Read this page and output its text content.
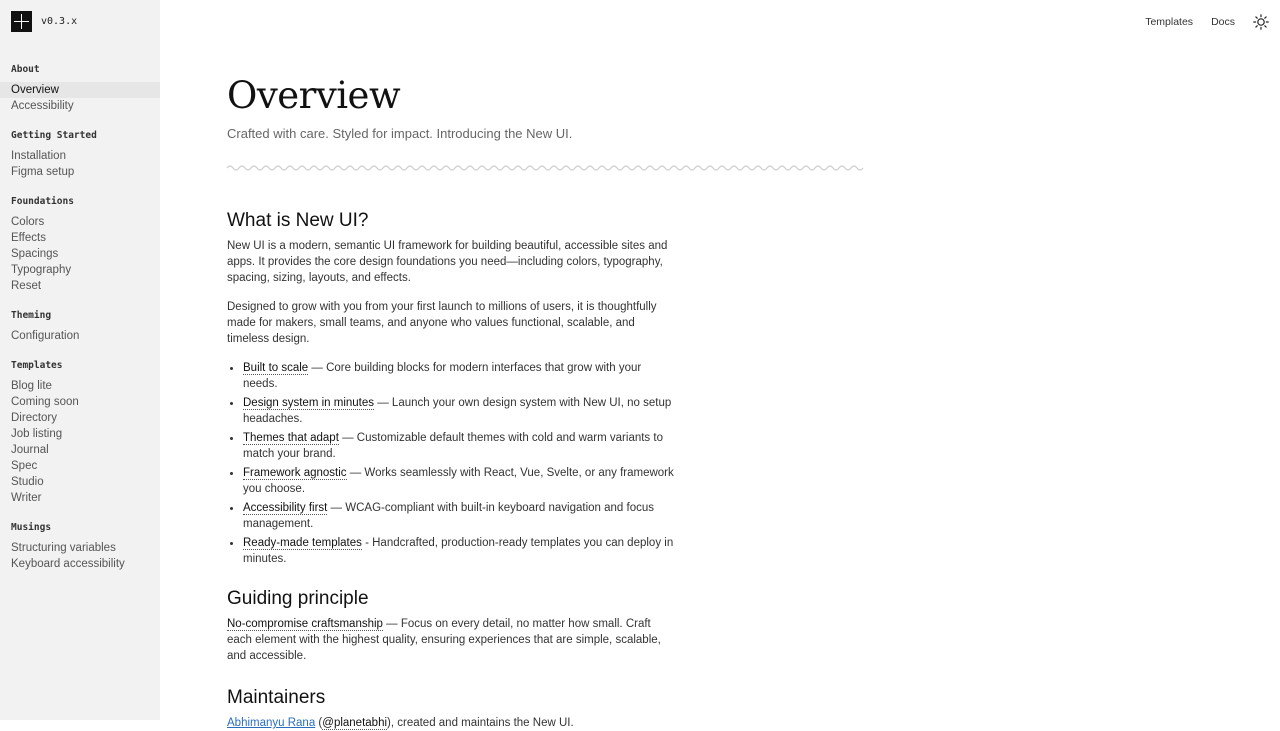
v0.3.x
About
Overview
Accessibility
Getting Started
Installation
Figma setup
Foundations
Colors
Effects
Spacings
Typography
Reset
Theming
Configuration
Templates
Blog lite
Coming soon
Directory
Job listing
Journal
Spec
Studio
Writer
Musings
Structuring variables
Keyboard accessibility
Templates Docs
Overview

Crafted with care. Styled for impact. Introducing the New UI.

What is New UI?

New UI is a modern, semantic UI framework for building beautiful, accessible sites and apps. It provides the core design foundations you need—including colors, typography, spacing, sizing, layouts, and effects.

Designed to grow with you from your first launch to millions of users, it is thoughtfully made for makers, small teams, and anyone who values functional, scalable, and timeless design.

Built to scale — Core building blocks for modern interfaces that grow with your needs.
Design system in minutes — Launch your own design system with New UI, no setup headaches.
Themes that adapt — Customizable default themes with cold and warm variants to match your brand.
Framework agnostic — Works seamlessly with React, Vue, Svelte, or any framework you choose.
Accessibility first — WCAG-compliant with built-in keyboard navigation and focus management.
Ready-made templates - Handcrafted, production-ready templates you can deploy in minutes.
Guiding principle

No-compromise craftsmanship — Focus on every detail, no matter how small. Craft each element with the highest quality, ensuring experiences that are simple, scalable, and accessible.

Maintainers

Abhimanyu Rana (@planetabhi), created and maintains the New UI.
